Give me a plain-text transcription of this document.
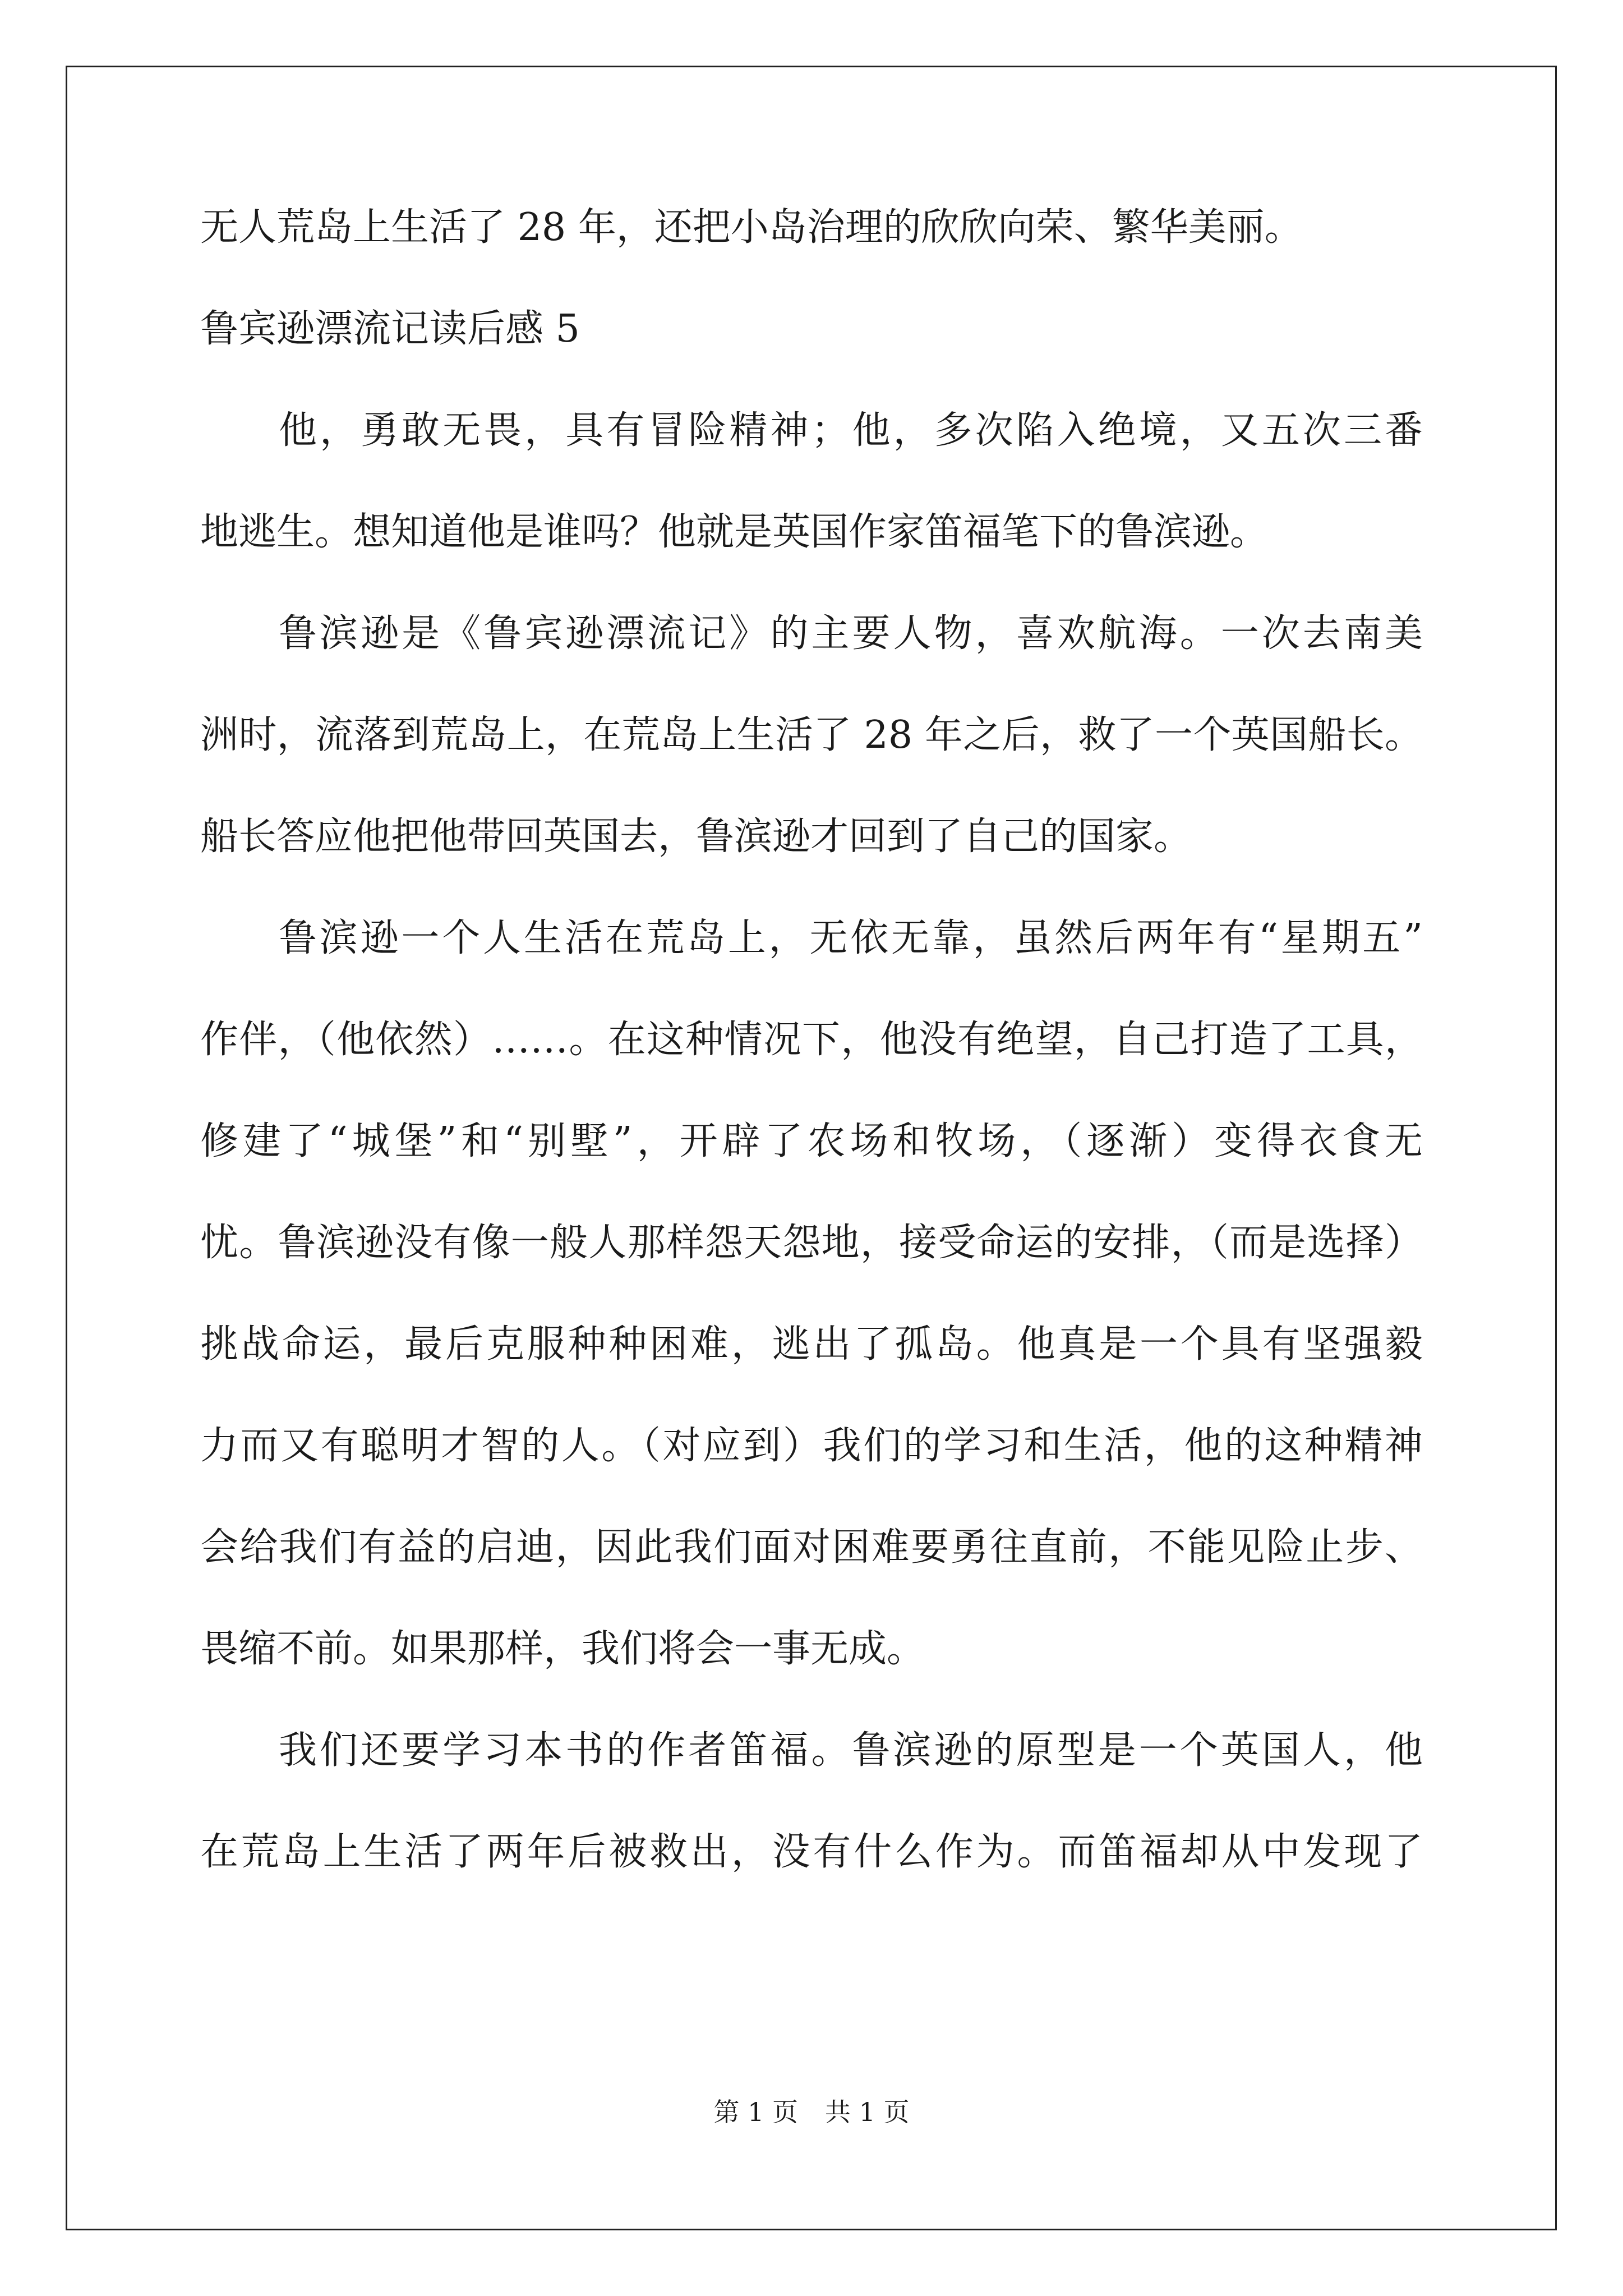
无人荒岛上生活了 28 年，还把小岛治理的欣欣向荣、繁华美丽。
鲁宾逊漂流记读后感 5
他，勇敢无畏，具有冒险精神；他，多次陷入绝境，又五次三番
地逃生。想知道他是谁吗？他就是英国作家笛福笔下的鲁滨逊。
鲁滨逊是《鲁宾逊漂流记》的主要人物，喜欢航海。一次去南美
洲时，流落到荒岛上，在荒岛上生活了 28 年之后，救了一个英国船长。
船长答应他把他带回英国去，鲁滨逊才回到了自己的国家。
鲁滨逊一个人生活在荒岛上，无依无靠，虽然后两年有“星期五”
作伴，（他依然）……。在这种情况下，他没有绝望，自己打造了工具，
修建了“城堡”和“别墅”，开辟了农场和牧场，（逐渐）变得衣食无
忧。鲁滨逊没有像一般人那样怨天怨地，接受命运的安排，（而是选择）
挑战命运，最后克服种种困难，逃出了孤岛。他真是一个具有坚强毅
力而又有聪明才智的人。（对应到）我们的学习和生活，他的这种精神
会给我们有益的启迪，因此我们面对困难要勇往直前，不能见险止步、
畏缩不前。如果那样，我们将会一事无成。
我们还要学习本书的作者笛福。鲁滨逊的原型是一个英国人，他
在荒岛上生活了两年后被救出，没有什么作为。而笛福却从中发现了
第 1 页 共 1 页
